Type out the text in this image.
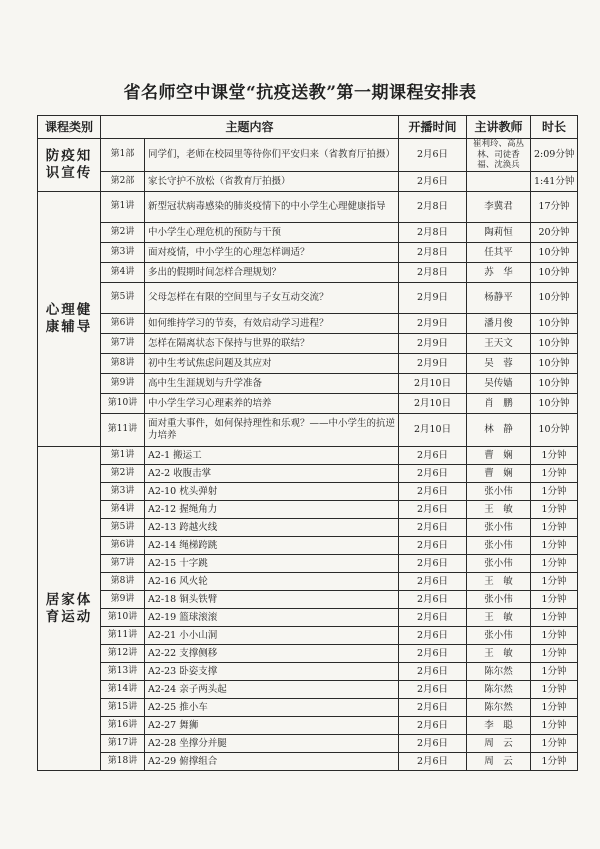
省名师空中课堂“抗疫送教”第一期课程安排表
课程类别	主题内容		开播时间	主讲教师	时长
防疫知识宣传	第1部	同学们，老师在校园里等待你们平安归来（省教育厅拍摄）	2月6日	崔利玲、高丛林、司徒香福、沈涣兵	2:09分钟
	第2部	家长守护不放松（省教育厅拍摄）	2月6日		1:41分钟
心理健康辅导	第1讲	新型冠状病毒感染的肺炎疫情下的中小学生心理健康指导	2月8日	李冀君	17分钟
	第2讲	中小学生心理危机的预防与干预	2月8日	陶莉恒	20分钟
	第3讲	面对疫情，中小学生的心理怎样调适？	2月8日	任其平	10分钟
	第4讲	多出的假期时间怎样合理规划？	2月8日	苏　华	10分钟
	第5讲	父母怎样在有限的空间里与子女互动交流？	2月9日	杨静平	10分钟
	第6讲	如何维持学习的节奏，有效启动学习进程？	2月9日	潘月俊	10分钟
	第7讲	怎样在隔离状态下保持与世界的联结？	2月9日	王天文	10分钟
	第8讲	初中生考试焦虑问题及其应对	2月9日	吴　蓉	10分钟
	第9讲	高中生生涯规划与升学准备	2月10日	吴传嫱	10分钟
	第10讲	中小学生学习心理素养的培养	2月10日	肖　鹏	10分钟
	第11讲	面对重大事件，如何保持理性和乐观？——中小学生的抗逆力培养	2月10日	林　静	10分钟
居家体育运动	第1讲	A2-1 搬运工	2月6日	曹　娴	1分钟
	第2讲	A2-2 收腹击掌	2月6日	曹　娴	1分钟
	第3讲	A2-10 枕头弹射	2月6日	张小伟	1分钟
	第4讲	A2-12 握绳角力	2月6日	王　敏	1分钟
	第5讲	A2-13 跨越火线	2月6日	张小伟	1分钟
	第6讲	A2-14 绳梯跨跳	2月6日	张小伟	1分钟
	第7讲	A2-15 十字跳	2月6日	张小伟	1分钟
	第8讲	A2-16 风火轮	2月6日	王　敏	1分钟
	第9讲	A2-18 铜头铁臂	2月6日	张小伟	1分钟
	第10讲	A2-19 篮球滚滚	2月6日	王　敏	1分钟
	第11讲	A2-21 小小山洞	2月6日	张小伟	1分钟
	第12讲	A2-22 支撑侧移	2月6日	王　敏	1分钟
	第13讲	A2-23 卧姿支撑	2月6日	陈尔然	1分钟
	第14讲	A2-24 亲子两头起	2月6日	陈尔然	1分钟
	第15讲	A2-25 推小车	2月6日	陈尔然	1分钟
	第16讲	A2-27 舞狮	2月6日	李　聪	1分钟
	第17讲	A2-28 坐撑分并腿	2月6日	周　云	1分钟
	第18讲	A2-29 俯撑组合	2月6日	周　云	1分钟
